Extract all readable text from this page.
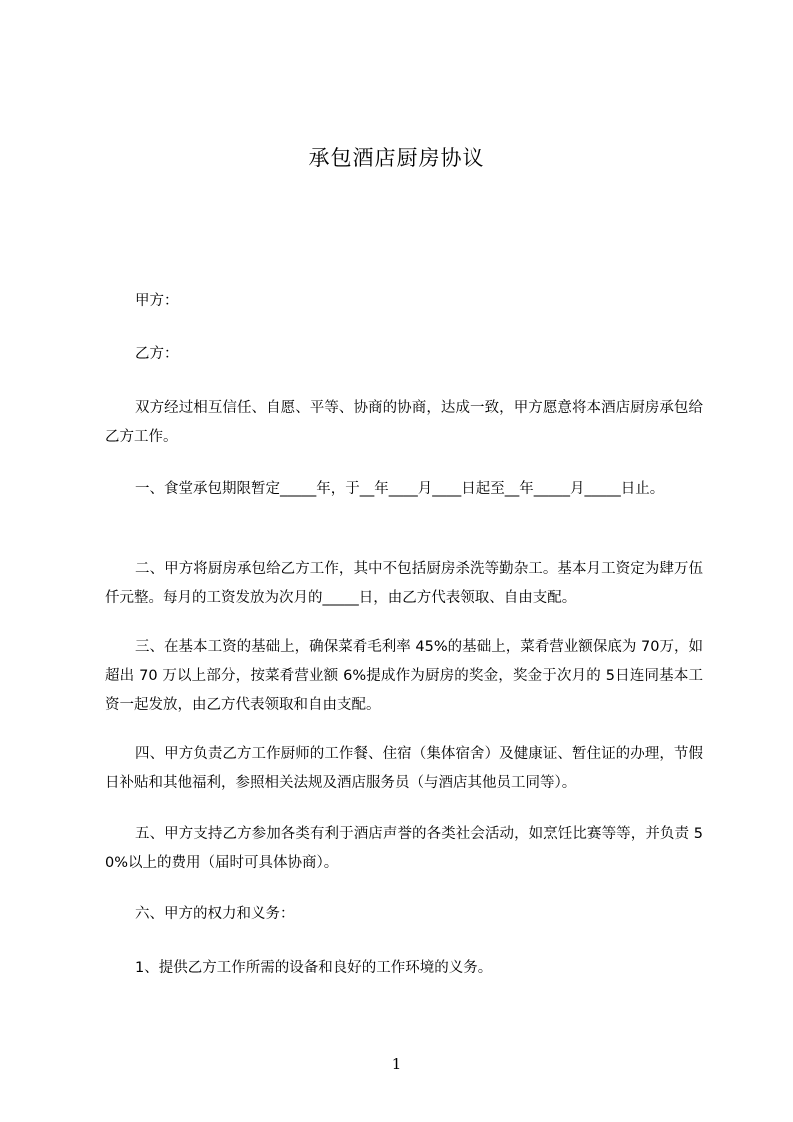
承包酒店厨房协议

甲方：

乙方：

双方经过相互信任、自愿、平等、协商的协商，达成一致，甲方愿意将本酒店厨房承包给乙方工作。

一、食堂承包期限暂定_____年，于__年____月____日起至__年_____月_____日止。

二、甲方将厨房承包给乙方工作，其中不包括厨房杀洗等勤杂工。基本月工资定为肆万伍仟元整。每月的工资发放为次月的_____日，由乙方代表领取、自由支配。

三、在基本工资的基础上，确保菜肴毛利率 45%的基础上，菜肴营业额保底为 70万，如超出 70 万以上部分，按菜肴营业额 6%提成作为厨房的奖金，奖金于次月的 5日连同基本工资一起发放，由乙方代表领取和自由支配。

四、甲方负责乙方工作厨师的工作餐、住宿（集体宿舍）及健康证、暂住证的办理，节假日补贴和其他福利，参照相关法规及酒店服务员（与酒店其他员工同等）。

五、甲方支持乙方参加各类有利于酒店声誉的各类社会活动，如烹饪比赛等等，并负责 50%以上的费用（届时可具体协商）。

六、甲方的权力和义务：

1、提供乙方工作所需的设备和良好的工作环境的义务。

1
